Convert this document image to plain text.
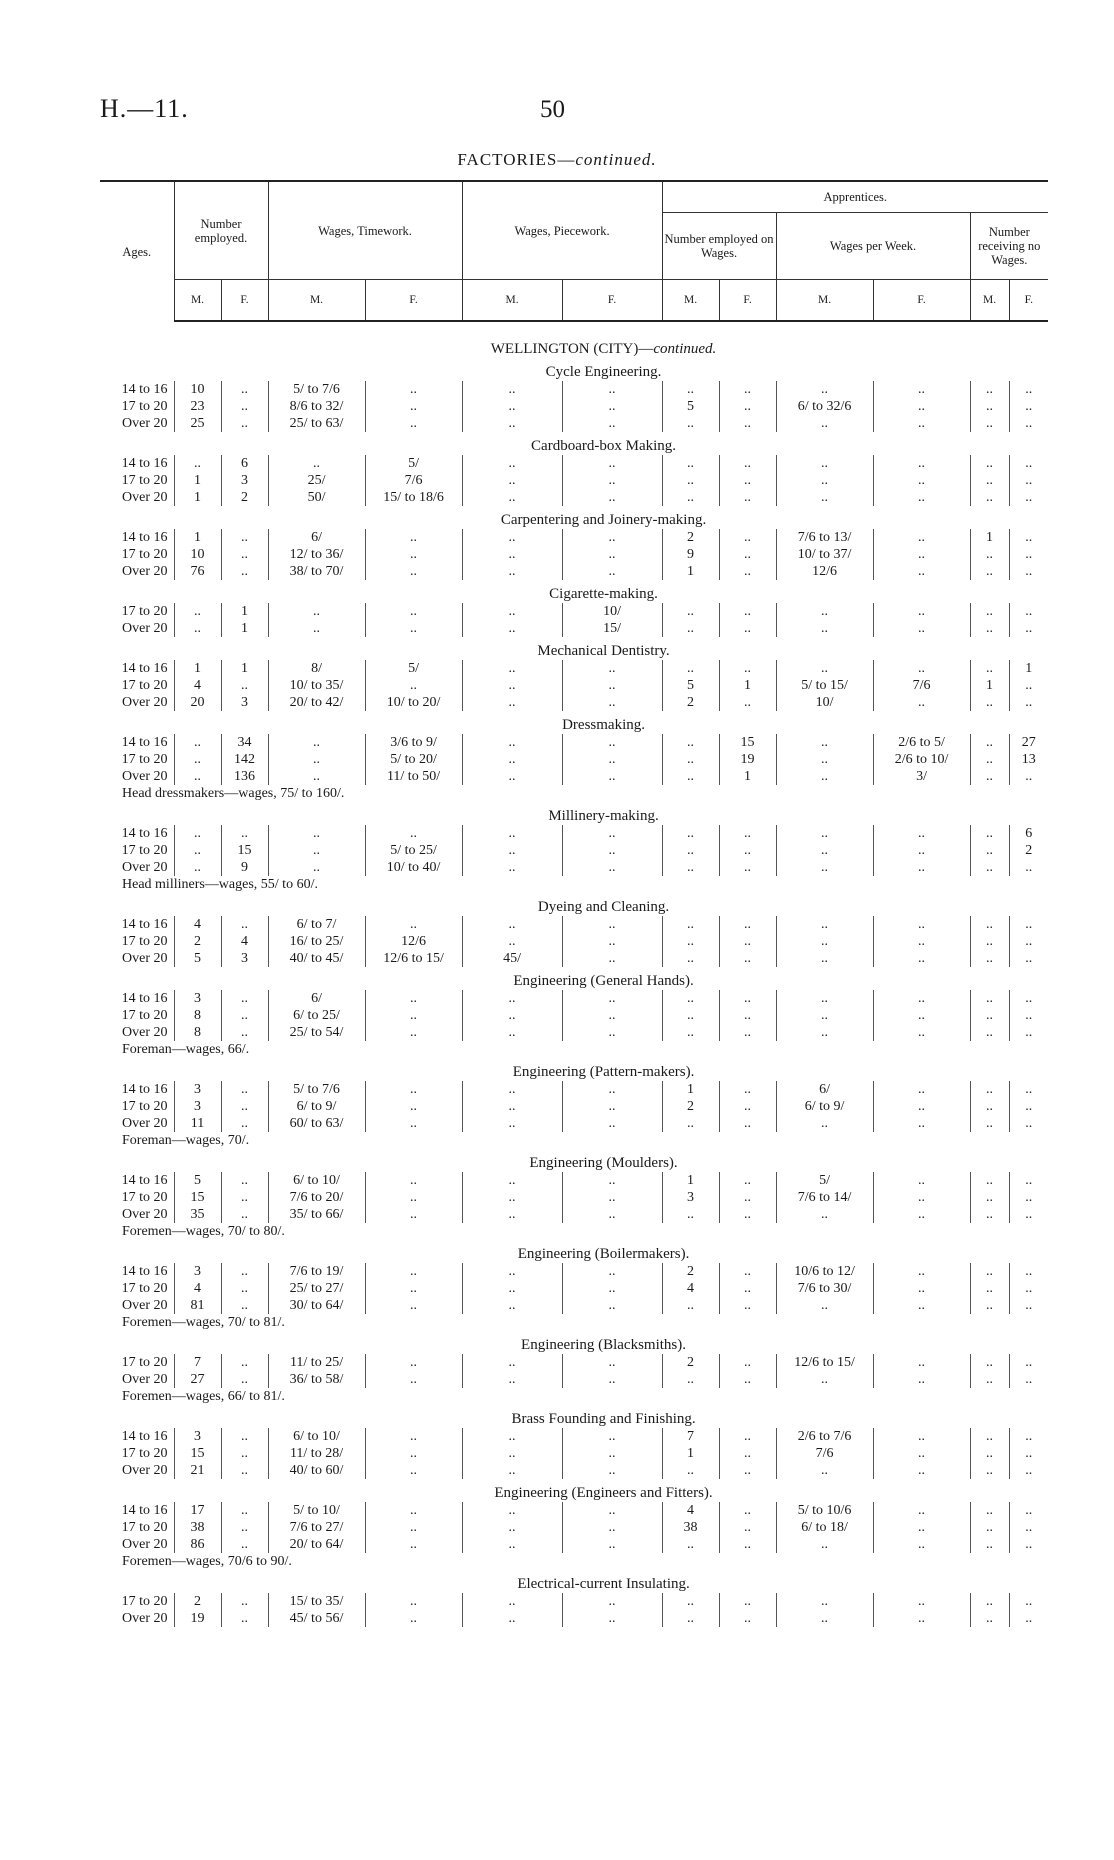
H.—11.	50
FACTORIES—continued.
Ages.	Number employed.		Wages, Timework.		Wages, Piecework.		Apprentices.					
							Number employed on Wages.		Wages per Week.		Number receiving no Wages.	
	M.	F.	M.	F.	M.	F.	M.	F.	M.	F.	M.	F.
WELLINGTON (CITY)—continued.												
Cycle Engineering.												
14 to 16	10	..	5/ to 7/6	..	..	..	..	..	..	..	..	..
17 to 20	23	..	8/6 to 32/	..	..	..	5	..	6/ to 32/6	..	..	..
Over 20	25	..	25/ to 63/	..	..	..	..	..	..	..	..	..
Cardboard-box Making.												
14 to 16	..	6	..	5/	..	..	..	..	..	..	..	..
17 to 20	1	3	25/	7/6	..	..	..	..	..	..	..	..
Over 20	1	2	50/	15/ to 18/6	..	..	..	..	..	..	..	..
Carpentering and Joinery-making.												
14 to 16	1	..	6/	..	..	..	2	..	7/6 to 13/	..	1	..
17 to 20	10	..	12/ to 36/	..	..	..	9	..	10/ to 37/	..	..	..
Over 20	76	..	38/ to 70/	..	..	..	1	..	12/6	..	..	..
Cigarette-making.												
17 to 20	..	1	..	..	..	10/	..	..	..	..	..	..
Over 20	..	1	..	..	..	15/	..	..	..	..	..	..
Mechanical Dentistry.												
14 to 16	1	1	8/	5/	..	..	..	..	..	..	..	1
17 to 20	4	..	10/ to 35/	..	..	..	5	1	5/ to 15/	7/6	1	..
Over 20	20	3	20/ to 42/	10/ to 20/	..	..	2	..	10/	..	..	..
Dressmaking.												
14 to 16	..	34	..	3/6 to 9/	..	..	..	15	..	2/6 to 5/	..	27
17 to 20	..	142	..	5/ to 20/	..	..	..	19	..	2/6 to 10/	..	13
Over 20	..	136	..	11/ to 50/	..	..	..	1	..	3/	..	..
Head dressmakers—wages, 75/ to 160/.												
Millinery-making.												
14 to 16	..	..	..	..	..	..	..	..	..	..	..	6
17 to 20	..	15	..	5/ to 25/	..	..	..	..	..	..	..	2
Over 20	..	9	..	10/ to 40/	..	..	..	..	..	..	..	..
Head milliners—wages, 55/ to 60/.												
Dyeing and Cleaning.												
14 to 16	4	..	6/ to 7/	..	..	..	..	..	..	..	..	..
17 to 20	2	4	16/ to 25/	12/6	..	..	..	..	..	..	..	..
Over 20	5	3	40/ to 45/	12/6 to 15/	45/	..	..	..	..	..	..	..
Engineering (General Hands).												
14 to 16	3	..	6/	..	..	..	..	..	..	..	..	..
17 to 20	8	..	6/ to 25/	..	..	..	..	..	..	..	..	..
Over 20	8	..	25/ to 54/	..	..	..	..	..	..	..	..	..
Foreman—wages, 66/.												
Engineering (Pattern-makers).												
14 to 16	3	..	5/ to 7/6	..	..	..	1	..	6/	..	..	..
17 to 20	3	..	6/ to 9/	..	..	..	2	..	6/ to 9/	..	..	..
Over 20	11	..	60/ to 63/	..	..	..	..	..	..	..	..	..
Foreman—wages, 70/.												
Engineering (Moulders).												
14 to 16	5	..	6/ to 10/	..	..	..	1	..	5/	..	..	..
17 to 20	15	..	7/6 to 20/	..	..	..	3	..	7/6 to 14/	..	..	..
Over 20	35	..	35/ to 66/	..	..	..	..	..	..	..	..	..
Foremen—wages, 70/ to 80/.												
Engineering (Boilermakers).												
14 to 16	3	..	7/6 to 19/	..	..	..	2	..	10/6 to 12/	..	..	..
17 to 20	4	..	25/ to 27/	..	..	..	4	..	7/6 to 30/	..	..	..
Over 20	81	..	30/ to 64/	..	..	..	..	..	..	..	..	..
Foremen—wages, 70/ to 81/.												
Engineering (Blacksmiths).												
17 to 20	7	..	11/ to 25/	..	..	..	2	..	12/6 to 15/	..	..	..
Over 20	27	..	36/ to 58/	..	..	..	..	..	..	..	..	..
Foremen—wages, 66/ to 81/.												
Brass Founding and Finishing.												
14 to 16	3	..	6/ to 10/	..	..	..	7	..	2/6 to 7/6	..	..	..
17 to 20	15	..	11/ to 28/	..	..	..	1	..	7/6	..	..	..
Over 20	21	..	40/ to 60/	..	..	..	..	..	..	..	..	..
Engineering (Engineers and Fitters).												
14 to 16	17	..	5/ to 10/	..	..	..	4	..	5/ to 10/6	..	..	..
17 to 20	38	..	7/6 to 27/	..	..	..	38	..	6/ to 18/	..	..	..
Over 20	86	..	20/ to 64/	..	..	..	..	..	..	..	..	..
Foremen—wages, 70/6 to 90/.												
Electrical-current Insulating.												
17 to 20	2	..	15/ to 35/	..	..	..	..	..	..	..	..	..
Over 20	19	..	45/ to 56/	..	..	..	..	..	..	..	..	..
